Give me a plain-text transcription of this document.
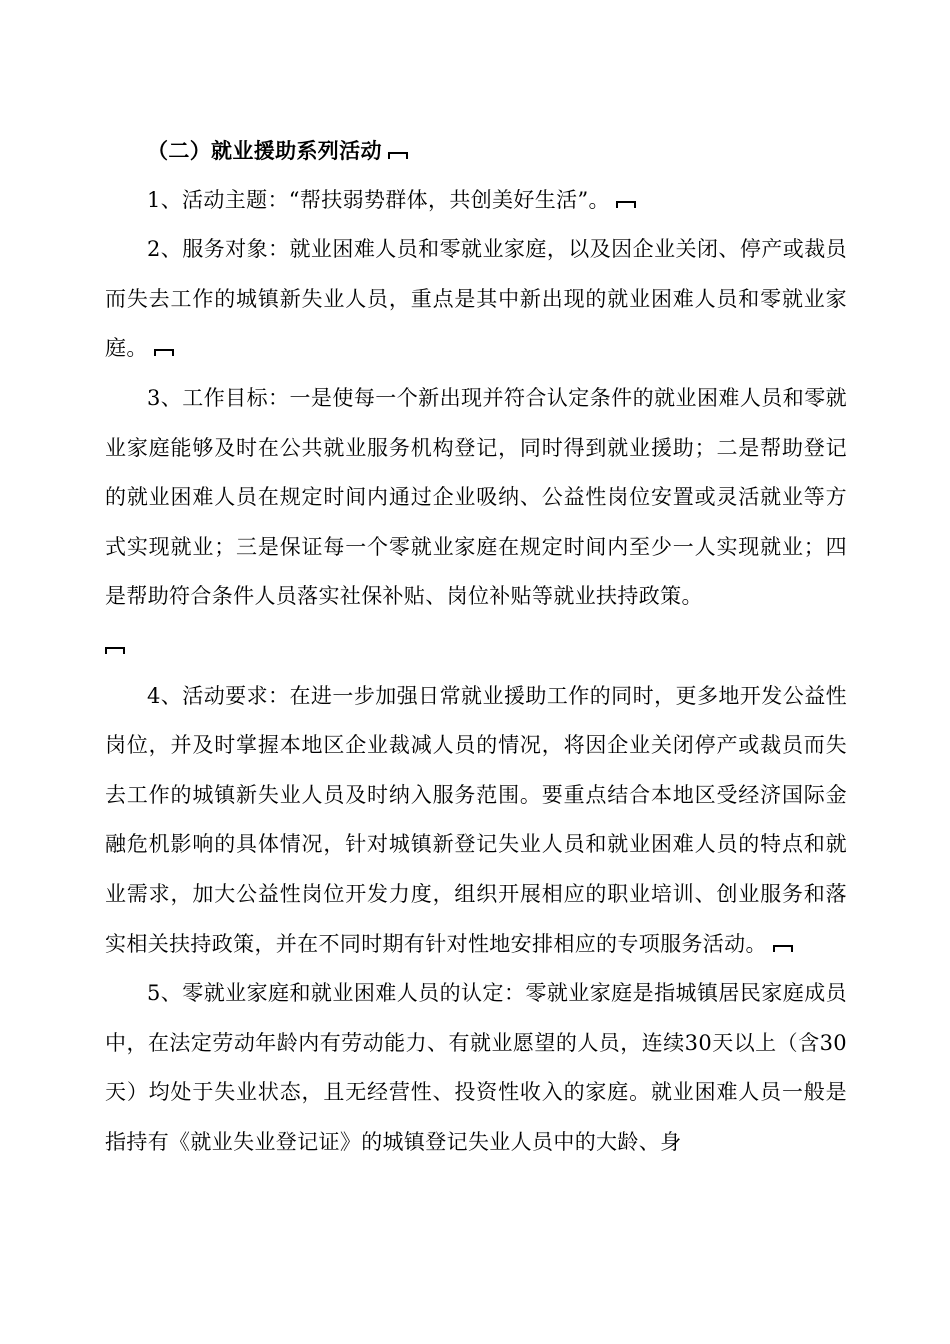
（二）就业援助系列活动

1、活动主题：“帮扶弱势群体，共创美好生活”。

2、服务对象：就业困难人员和零就业家庭，以及因企业关闭、停产或裁员而失去工作的城镇新失业人员，重点是其中新出现的就业困难人员和零就业家庭。

3、工作目标：一是使每一个新出现并符合认定条件的就业困难人员和零就业家庭能够及时在公共就业服务机构登记，同时得到就业援助；二是帮助登记的就业困难人员在规定时间内通过企业吸纳、公益性岗位安置或灵活就业等方式实现就业；三是保证每一个零就业家庭在规定时间内至少一人实现就业；四是帮助符合条件人员落实社保补贴、岗位补贴等就业扶持政策。

4、活动要求：在进一步加强日常就业援助工作的同时，更多地开发公益性岗位，并及时掌握本地区企业裁减人员的情况，将因企业关闭停产或裁员而失去工作的城镇新失业人员及时纳入服务范围。要重点结合本地区受经济国际金融危机影响的具体情况，针对城镇新登记失业人员和就业困难人员的特点和就业需求，加大公益性岗位开发力度，组织开展相应的职业培训、创业服务和落实相关扶持政策，并在不同时期有针对性地安排相应的专项服务活动。

5、零就业家庭和就业困难人员的认定：零就业家庭是指城镇居民家庭成员中，在法定劳动年龄内有劳动能力、有就业愿望的人员，连续30天以上（含30天）均处于失业状态，且无经营性、投资性收入的家庭。就业困难人员一般是指持有《就业失业登记证》的城镇登记失业人员中的大龄、身
